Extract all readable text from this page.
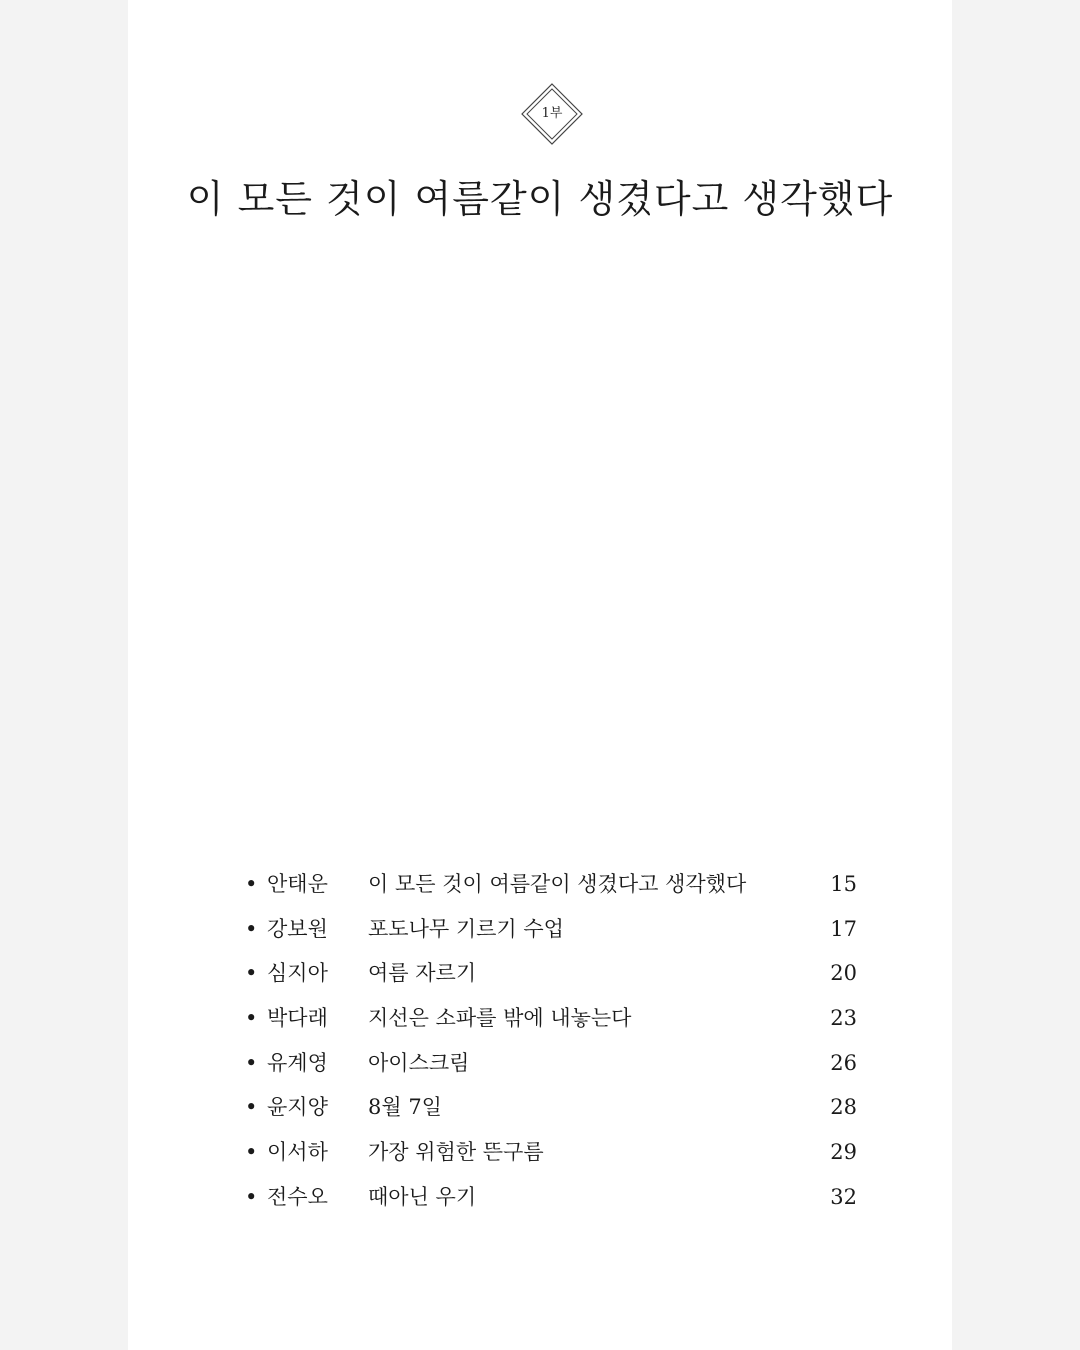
1부
이 모든 것이 여름같이 생겼다고 생각했다
• 안태운 이 모든 것이 여름같이 생겼다고 생각했다	15
• 강보원 포도나무 기르기 수업	17
• 심지아 여름 자르기	20
• 박다래 지선은 소파를 밖에 내놓는다	23
• 유계영 아이스크림	26
• 윤지양 8월 7일	28
• 이서하 가장 위험한 뜬구름	29
• 전수오 때아닌 우기	32
